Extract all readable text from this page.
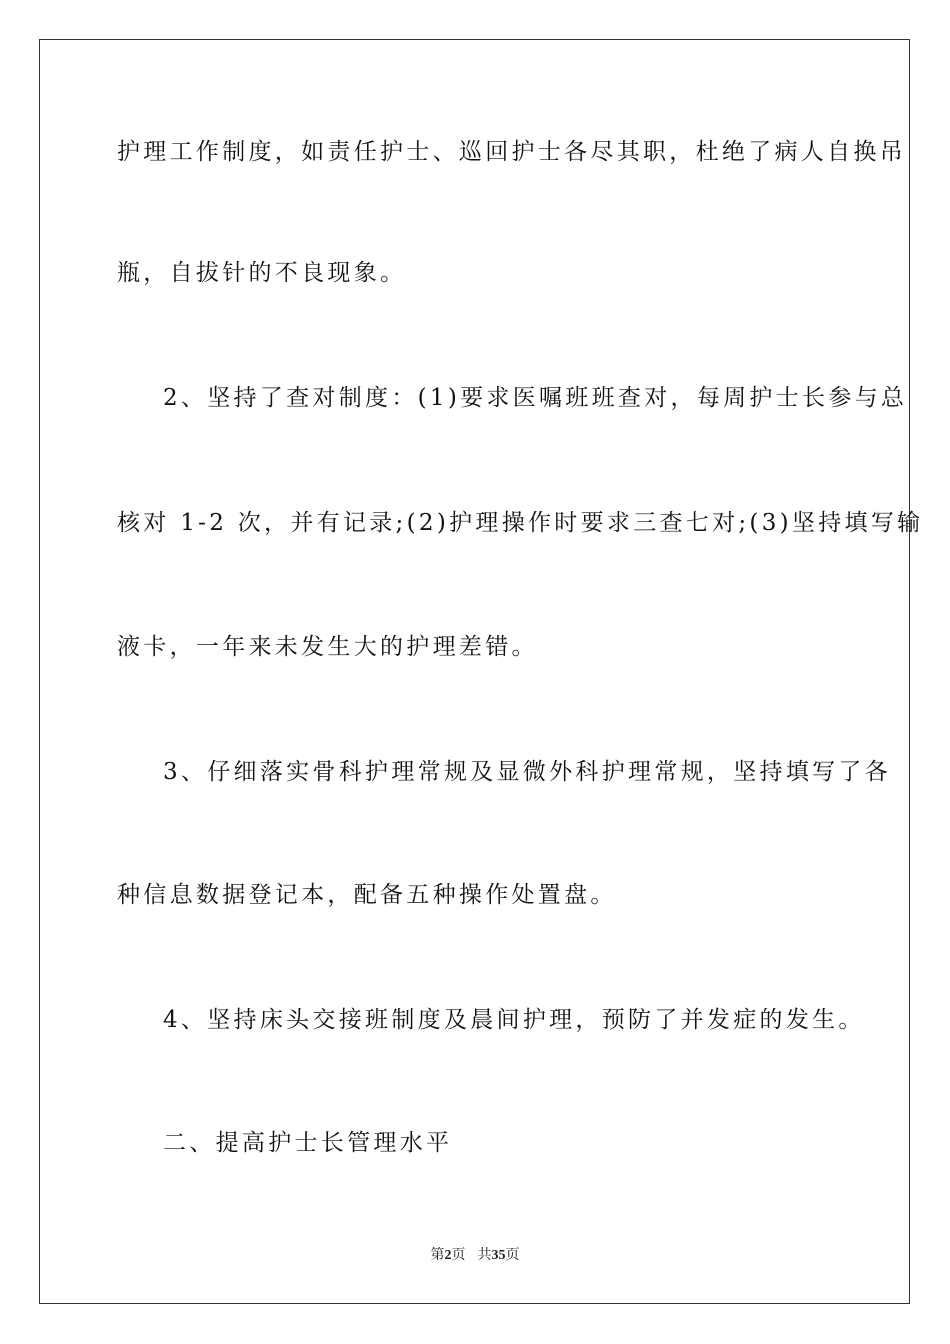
护理工作制度，如责任护士、巡回护士各尽其职，杜绝了病人自换吊
瓶，自拔针的不良现象。
2、坚持了查对制度：(1)要求医嘱班班查对，每周护士长参与总
核对 1-2 次，并有记录;(2)护理操作时要求三查七对;(3)坚持填写输
液卡，一年来未发生大的护理差错。
3、仔细落实骨科护理常规及显微外科护理常规，坚持填写了各
种信息数据登记本，配备五种操作处置盘。
4、坚持床头交接班制度及晨间护理，预防了并发症的发生。
二、提高护士长管理水平
第2页 共35页
